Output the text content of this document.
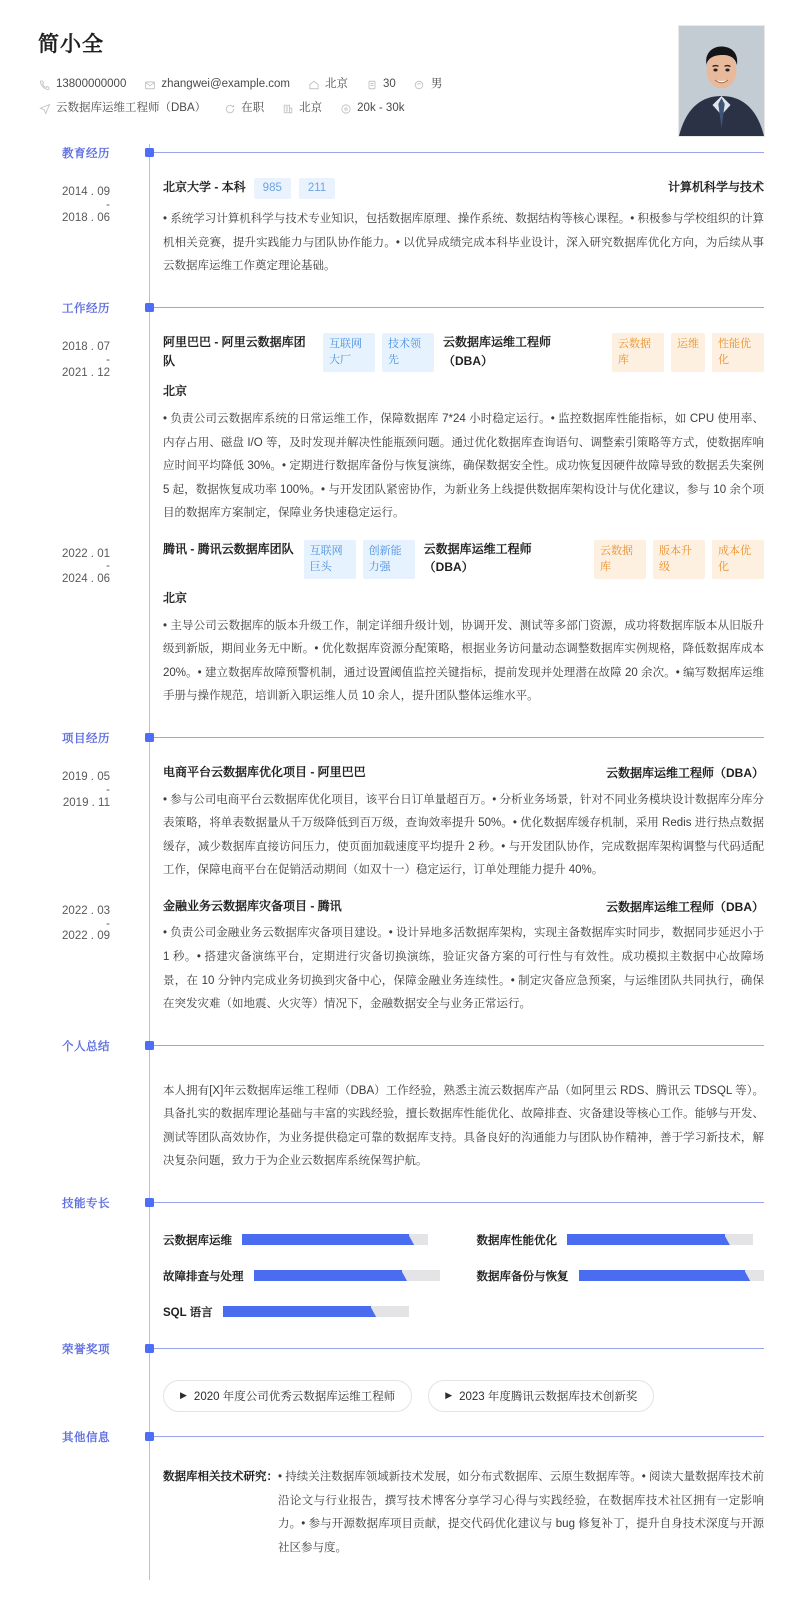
简小全
13800000000	zhangwei@example.com	北京	30	男
云数据库运维工程师（DBA）	在职	北京	20k - 30k
教育经历
2014 . 09
-
2018 . 06
北京大学 - 本科	985	211	计算机科学与技术
• 系统学习计算机科学与技术专业知识，包括数据库原理、操作系统、数据结构等核心课程。• 积极参与学校组织的计算机相关竞赛，提升实践能力与团队协作能力。• 以优异成绩完成本科毕业设计，深入研究数据库优化方向，为后续从事云数据库运维工作奠定理论基础。
工作经历
2018 . 07
-
2021 . 12
阿里巴巴 - 阿里云数据库团队
互联网大厂
技术领先
云数据库运维工程师（DBA）
云数据库
运维	性能优化
北京
• 负责公司云数据库系统的日常运维工作，保障数据库 7*24 小时稳定运行。• 监控数据库性能指标，如 CPU 使用率、内存占用、磁盘 I/O 等，及时发现并解决性能瓶颈问题。通过优化数据库查询语句、调整索引策略等方式，使数据库响应时间平均降低 30%。• 定期进行数据库备份与恢复演练，确保数据安全性。成功恢复因硬件故障导致的数据丢失案例 5 起，数据恢复成功率 100%。• 与开发团队紧密协作，为新业务上线提供数据库架构设计与优化建议，参与 10 余个项目的数据库方案制定，保障业务快速稳定运行。
2022 . 01
-
2024 . 06
腾讯 - 腾讯云数据库团队	互联网巨头
创新能力强
云数据库运维工程师（DBA）
云数据库
版本升级
成本优化
北京
• 主导公司云数据库的版本升级工作，制定详细升级计划，协调开发、测试等多部门资源，成功将数据库版本从旧版升级到新版，期间业务无中断。• 优化数据库资源分配策略，根据业务访问量动态调整数据库实例规格，降低数据库成本 20%。• 建立数据库故障预警机制，通过设置阈值监控关键指标，提前发现并处理潜在故障 20 余次。• 编写数据库运维手册与操作规范，培训新入职运维人员 10 余人，提升团队整体运维水平。
项目经历
2019 . 05
-
2019 . 11
电商平台云数据库优化项目 - 阿里巴巴	云数据库运维工程师（DBA）
• 参与公司电商平台云数据库优化项目，该平台日订单量超百万。• 分析业务场景，针对不同业务模块设计数据库分库分表策略，将单表数据量从千万级降低到百万级，查询效率提升 50%。• 优化数据库缓存机制，采用 Redis 进行热点数据缓存，减少数据库直接访问压力，使页面加载速度平均提升 2 秒。• 与开发团队协作，完成数据库架构调整与代码适配工作，保障电商平台在促销活动期间（如双十一）稳定运行，订单处理能力提升 40%。
2022 . 03
-
2022 . 09
金融业务云数据库灾备项目 - 腾讯	云数据库运维工程师（DBA）
• 负责公司金融业务云数据库灾备项目建设。• 设计异地多活数据库架构，实现主备数据库实时同步，数据同步延迟小于 1 秒。• 搭建灾备演练平台，定期进行灾备切换演练，验证灾备方案的可行性与有效性。成功模拟主数据中心故障场景，在 10 分钟内完成业务切换到灾备中心，保障金融业务连续性。• 制定灾备应急预案，与运维团队共同执行，确保在突发灾难（如地震、火灾等）情况下，金融数据安全与业务正常运行。
个人总结
本人拥有[X]年云数据库运维工程师（DBA）工作经验，熟悉主流云数据库产品（如阿里云 RDS、腾讯云 TDSQL 等）。具备扎实的数据库理论基础与丰富的实践经验，擅长数据库性能优化、故障排查、灾备建设等核心工作。能够与开发、测试等团队高效协作，为业务提供稳定可靠的数据库支持。具备良好的沟通能力与团队协作精神，善于学习新技术，解决复杂问题，致力于为企业云数据库系统保驾护航。
技能专长
云数据库运维	数据库性能优化
故障排查与处理	数据库备份与恢复
SQL 语言
荣誉奖项
▶ 2020 年度公司优秀云数据库运维工程师	▶ 2023 年度腾讯云数据库技术创新奖
其他信息
数据库相关技术研究： • 持续关注数据库领域新技术发展，如分布式数据库、云原生数据库等。• 阅读大量数据库技术前沿论文与行业报告，撰写技术博客分享学习心得与实践经验，在数据库技术社区拥有一定影响力。• 参与开源数据库项目贡献，提交代码优化建议与 bug 修复补丁，提升自身技术深度与开源社区参与度。
